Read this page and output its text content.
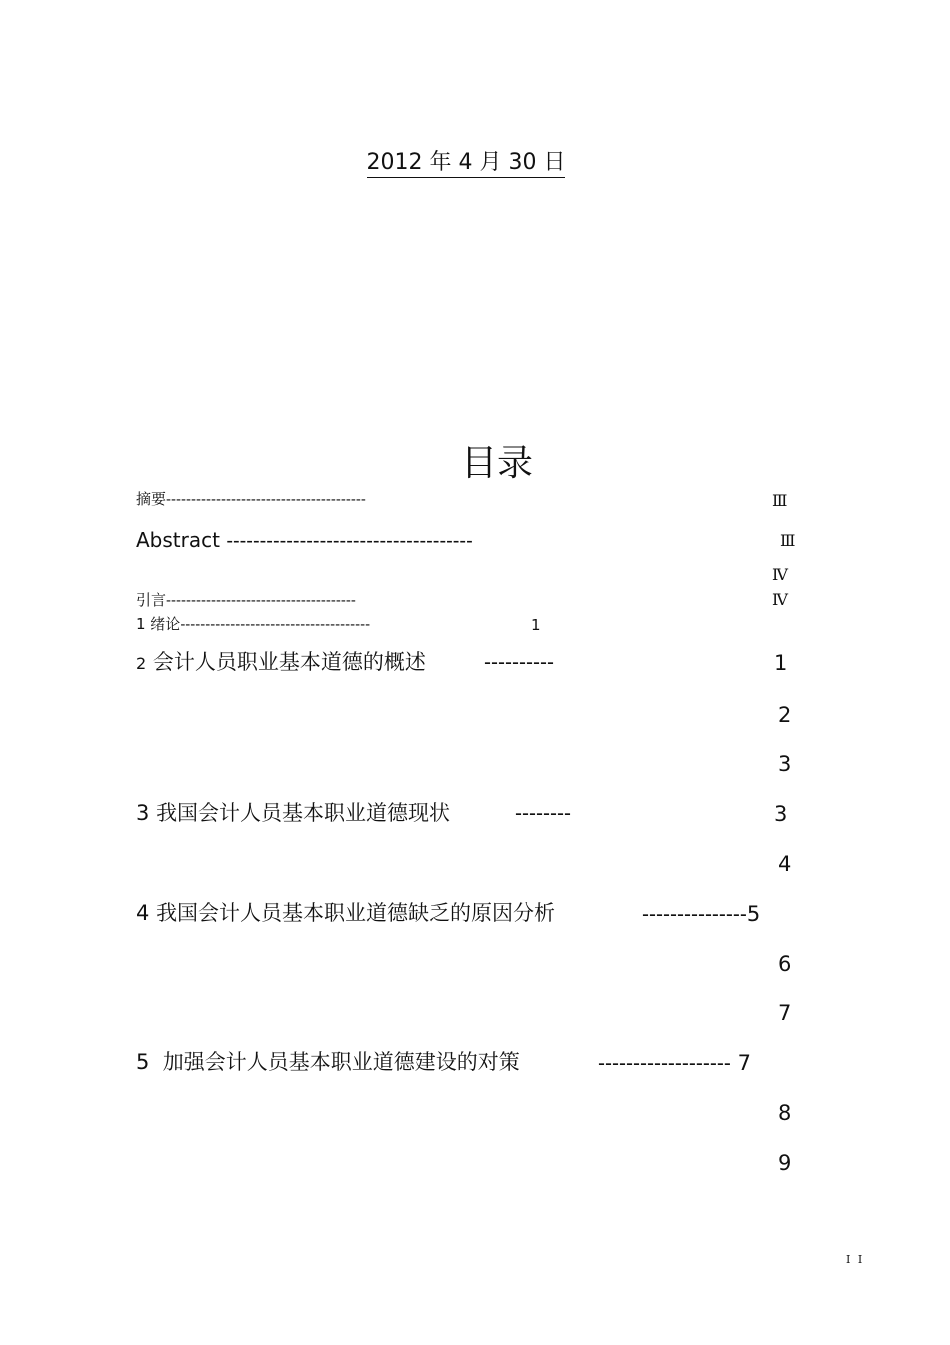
2012 年 4 月 30 日
目录
摘要----------------------------------------	Ⅲ
Abstract -------------------------------------	Ⅲ
Ⅳ
引言--------------------------------------	Ⅳ
1 绪论--------------------------------------	1
2 会计人员职业基本道德的概述	----------	1
2
3
3 我国会计人员基本职业道德现状	--------	3
4
4 我国会计人员基本职业道德缺乏的原因分析	---------------5
6
7
5 加强会计人员基本职业道德建设的对策	------------------- 7
8
9
I I
